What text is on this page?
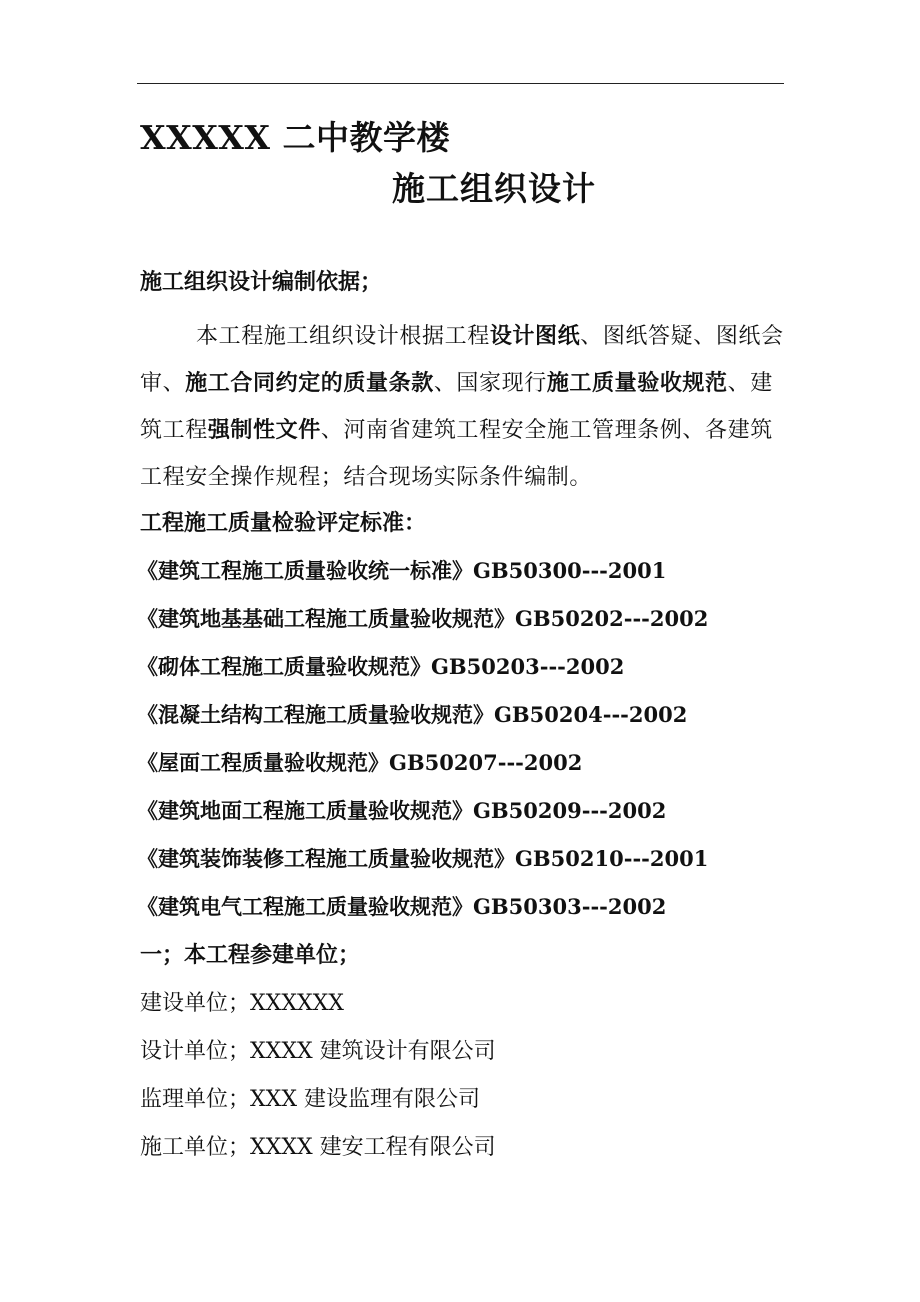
XXXXX 二中教学楼
施工组织设计
施工组织设计编制依据；
本工程施工组织设计根据工程设计图纸、图纸答疑、图纸会审、施工合同约定的质量条款、国家现行施工质量验收规范、建筑工程强制性文件、河南省建筑工程安全施工管理条例、各建筑工程安全操作规程；结合现场实际条件编制。
工程施工质量检验评定标准：
《建筑工程施工质量验收统一标准》GB50300---2001
《建筑地基基础工程施工质量验收规范》GB50202---2002
《砌体工程施工质量验收规范》GB50203---2002
《混凝土结构工程施工质量验收规范》GB50204---2002
《屋面工程质量验收规范》GB50207---2002
《建筑地面工程施工质量验收规范》GB50209---2002
《建筑装饰装修工程施工质量验收规范》GB50210---2001
《建筑电气工程施工质量验收规范》GB50303---2002
一；本工程参建单位；
建设单位；XXXXXX
设计单位；XXXX 建筑设计有限公司
监理单位；XXX 建设监理有限公司
施工单位；XXXX 建安工程有限公司
